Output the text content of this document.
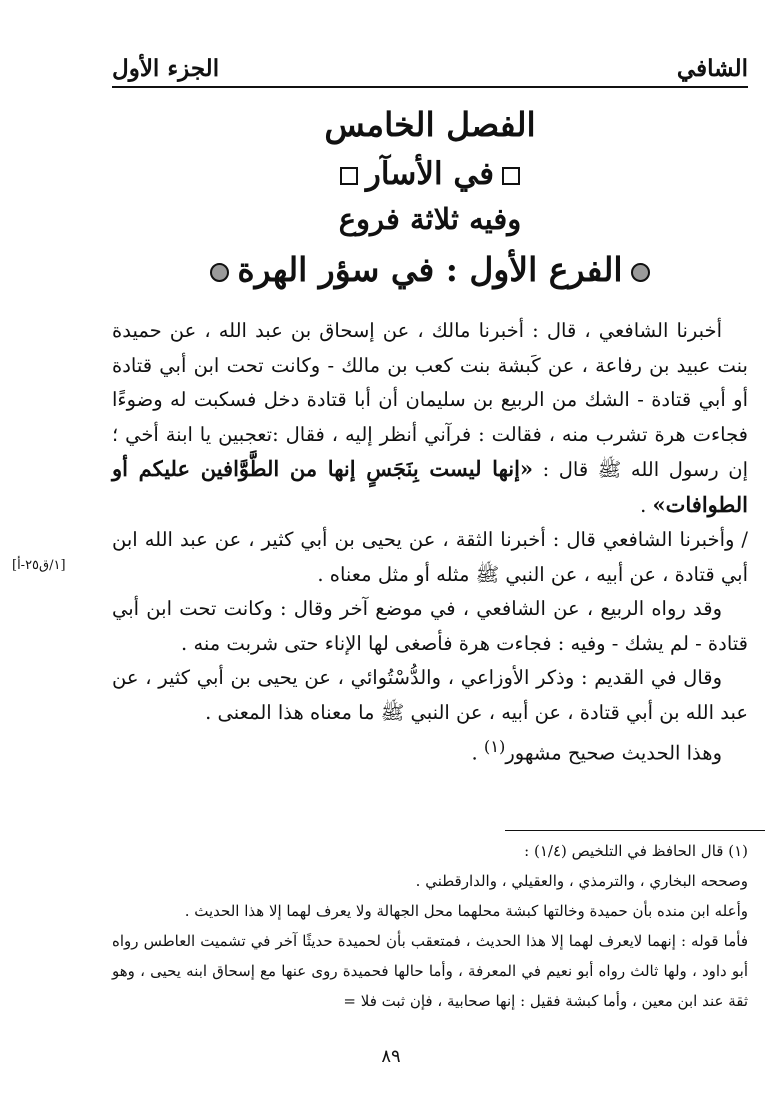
الشافي
الجزء الأول
الفصل الخامس
في الأسآر
وفيه ثلاثة فروع
الفرع الأول : في سؤر الهرة

أخبرنا الشافعي ، قال : أخبرنا مالك ، عن إسحاق بن عبد الله ، عن حميدة بنت عبيد بن رفاعة ، عن كَبشة بنت كعب بن مالك - وكانت تحت ابن أبي قتادة أو أبي قتادة - الشك من الربيع بن سليمان أن أبا قتادة دخل فسكبت له وضوءًا فجاءت هرة تشرب منه ، فقالت : فرآني أنظر إليه ، فقال :تعجبين يا ابنة أخي ؛ إن رسول الله ﷺ قال : «إنها ليست بِنَجَسٍ إنها من الطَّوَّافين عليكم أو الطوافات» .

/ وأخبرنا الشافعي قال : أخبرنا الثقة ، عن يحيى بن أبي كثير ، عن عبد الله ابن أبي قتادة ، عن أبيه ، عن النبي ﷺ مثله أو مثل معناه .

وقد رواه الربيع ، عن الشافعي ، في موضع آخر وقال : وكانت تحت ابن أبي قتادة - لم يشك - وفيه : فجاءت هرة فأصغى لها الإناء حتى شربت منه .

وقال في القديم : وذكر الأوزاعي ، والدُّسْتُوائي ، عن يحيى بن أبي كثير ، عن عبد الله بن أبي قتادة ، عن أبيه ، عن النبي ﷺ ما معناه هذا المعنى .

وهذا الحديث صحيح مشهور$^{(١)}$ .

[١/ق٢٥-أ]

(١) قال الحافظ في التلخيص (١/٤) :

وصححه البخاري ، والترمذي ، والعقيلي ، والدارقطني .

وأعله ابن منده بأن حميدة وخالتها كبشة محلهما محل الجهالة ولا يعرف لهما إلا هذا الحديث .

فأما قوله : إنهما لايعرف لهما إلا هذا الحديث ، فمتعقب بأن لحميدة حديثًا آخر في تشميت العاطس رواه أبو داود ، ولها ثالث رواه أبو نعيم في المعرفة ، وأما حالها فحميدة روى عنها مع إسحاق ابنه يحيى ، وهو ثقة عند ابن معين ، وأما كبشة فقيل : إنها صحابية ، فإن ثبت فلا =

٨٩
